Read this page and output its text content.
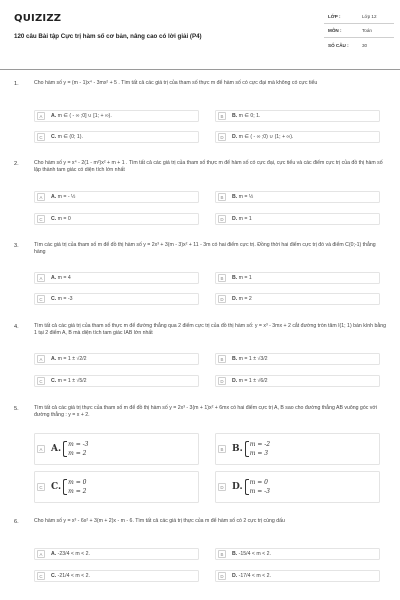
QUIZIZZ
120 câu Bài tập Cực trị hàm số cơ bản, nâng cao có lời giải (P4)
LỚP :	Lớp 12
MÔN :	Toán
SỐ CÂU :	30
1.	Cho hàm số y = (m - 1)x⁴ - 3mx² + 5 . Tìm tất cả các giá trị của tham số thực m để hàm số có cực đại mà không có cực tiểu
A	A. m ∈ ( - ∞ ;0] ∪ [1; + ∞).	B	B. m ∈ 0; 1.
C	C. m ∈ (0; 1).	D	D. m ∈ ( - ∞ ;0) ∪ (1; + ∞).
2.	Cho hàm số y = x⁴ - 2(1 - m²)x² + m + 1 . Tìm tất cả các giá trị của tham số thực m để hàm số có cực đại, cực tiểu và các điểm cực trị của đồ thị hàm số lập thành tam giác có diện tích lớn nhất
A	A. m = - ½	B	B. m = ½
C	C. m = 0	D	D. m = 1
3.	Tìm các giá trị của tham số m để đồ thị hàm số y = 2x³ + 3(m - 3)x² + 11 - 3m có hai điểm cực trị. Đồng thời hai điểm cực trị đó và điểm C(0;-1) thẳng hàng
A	A. m = 4	B	B. m = 1
C	C. m = -3	D	D. m = 2
4.	Tìm tất cả các giá trị của tham số thực m để đường thẳng qua 2 điểm cực trị của đồ thị hàm số: y = x³ - 3mx + 2 cắt đường tròn tâm I(1; 1) bán kính bằng 1 tại 2 điểm A, B mà diện tích tam giác IAB lớn nhất
A	A. m = 1 ± √2/2	B	B. m = 1 ± √3/2
C	C. m = 1 ± √5/2	D	D. m = 1 ± √6/2
5.	Tìm tất cả các giá trị thực của tham số m để đồ thị hàm số y = 2x³ - 3(m + 1)x² + 6mx có hai điểm cực trị A, B sao cho đường thẳng AB vuông góc với đường thẳng : y = x + 2.
A A. m = -3
m = 2
B B. m = -2
m = 3
C C. m = 0
m = 2
D D. m = 0
m = -3
6.	Cho hàm số y = x³ - 6x² + 3(m + 2)x - m - 6. Tìm tất cả các giá trị thực của m để hàm số có 2 cực trị cùng dấu
A	A. -23/4 < m < 2.	B	B. -15/4 < m < 2.
C	C. -21/4 < m < 2.	D	D. -17/4 < m < 2.
